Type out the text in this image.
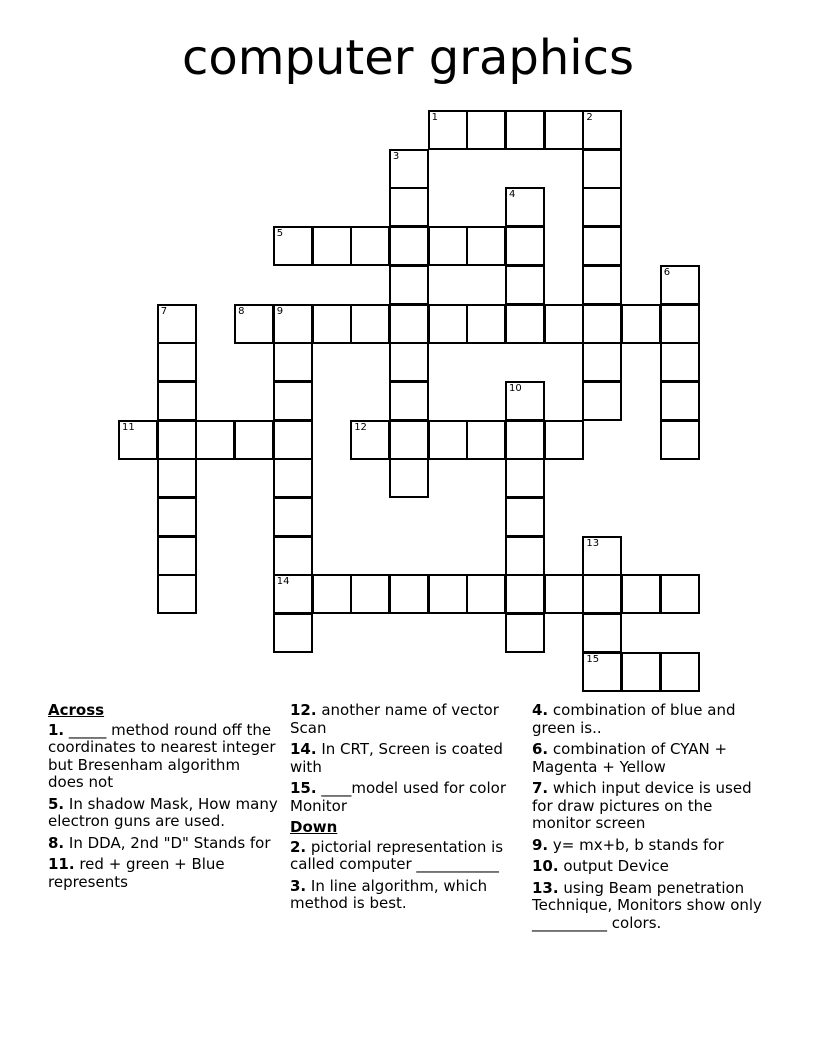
computer graphics
1
5
8	9
11	12
14
15
2
3
4
6
7
10
13
Across
1. _____ method round off the coordinates to nearest integer but Bresenham algorithm does not
5. In shadow Mask, How many electron guns are used.
8. In DDA, 2nd "D" Stands for
11. red + green + Blue represents
12. another name of vector Scan
14. In CRT, Screen is coated with
15. ____model used for color Monitor
Down
2. pictorial representation is called computer ___________
3. In line algorithm, which method is best.
4. combination of blue and green is..
6. combination of CYAN + Magenta + Yellow
7. which input device is used for draw pictures on the monitor screen
9. y= mx+b, b stands for
10. output Device
13. using Beam penetration Technique, Monitors show only __________ colors.
